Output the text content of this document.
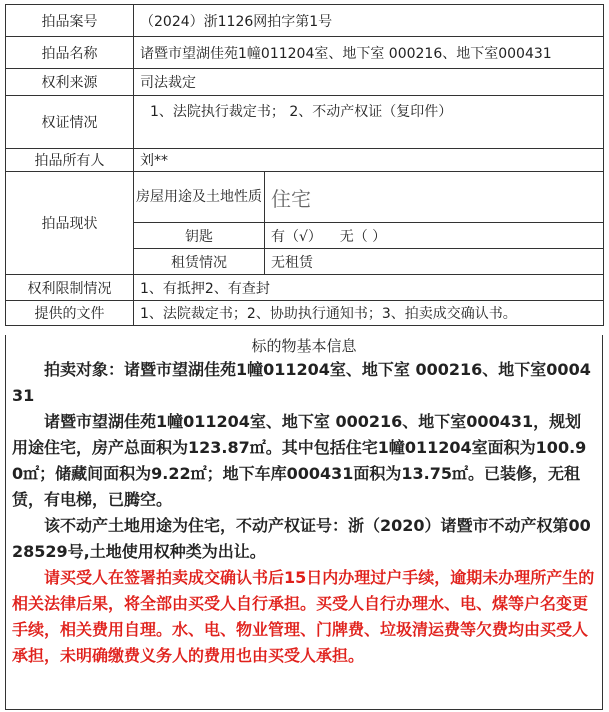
拍品案号	（2024）浙1126网拍字第1号	
拍品名称	诸暨市望湖佳苑1幢011204室、地下室 000216、地下室000431	
权利来源	司法裁定	
权证情况	1、法院执行裁定书； 2、不动产权证（复印件）	
拍品所有人	刘**	
拍品现状	房屋用途及土地性质	住宅
	钥匙	有（√）    无（ ）
	租赁情况	无租赁
权利限制情况	1、有抵押2、有查封	
提供的文件	1、法院裁定书；2、协助执行通知书；3、拍卖成交确认书。	
标的物基本信息

拍卖对象：诸暨市望湖佳苑1幢011204室、地下室 000216、地下室000431

诸暨市望湖佳苑1幢011204室、地下室 000216、地下室000431，规划用途住宅，房产总面积为123.87㎡。其中包括住宅1幢011204室面积为100.90㎡；储藏间面积为9.22㎡；地下车库000431面积为13.75㎡。已装修，无租赁，有电梯，已腾空。

该不动产土地用途为住宅，不动产权证号：浙（2020）诸暨市不动产权第0028529号,土地使用权种类为出让。

请买受人在签署拍卖成交确认书后15日内办理过户手续，逾期未办理所产生的相关法律后果，将全部由买受人自行承担。买受人自行办理水、电、煤等户名变更手续，相关费用自理。水、电、物业管理、门牌费、垃圾清运费等欠费均由买受人承担，未明确缴费义务人的费用也由买受人承担。
